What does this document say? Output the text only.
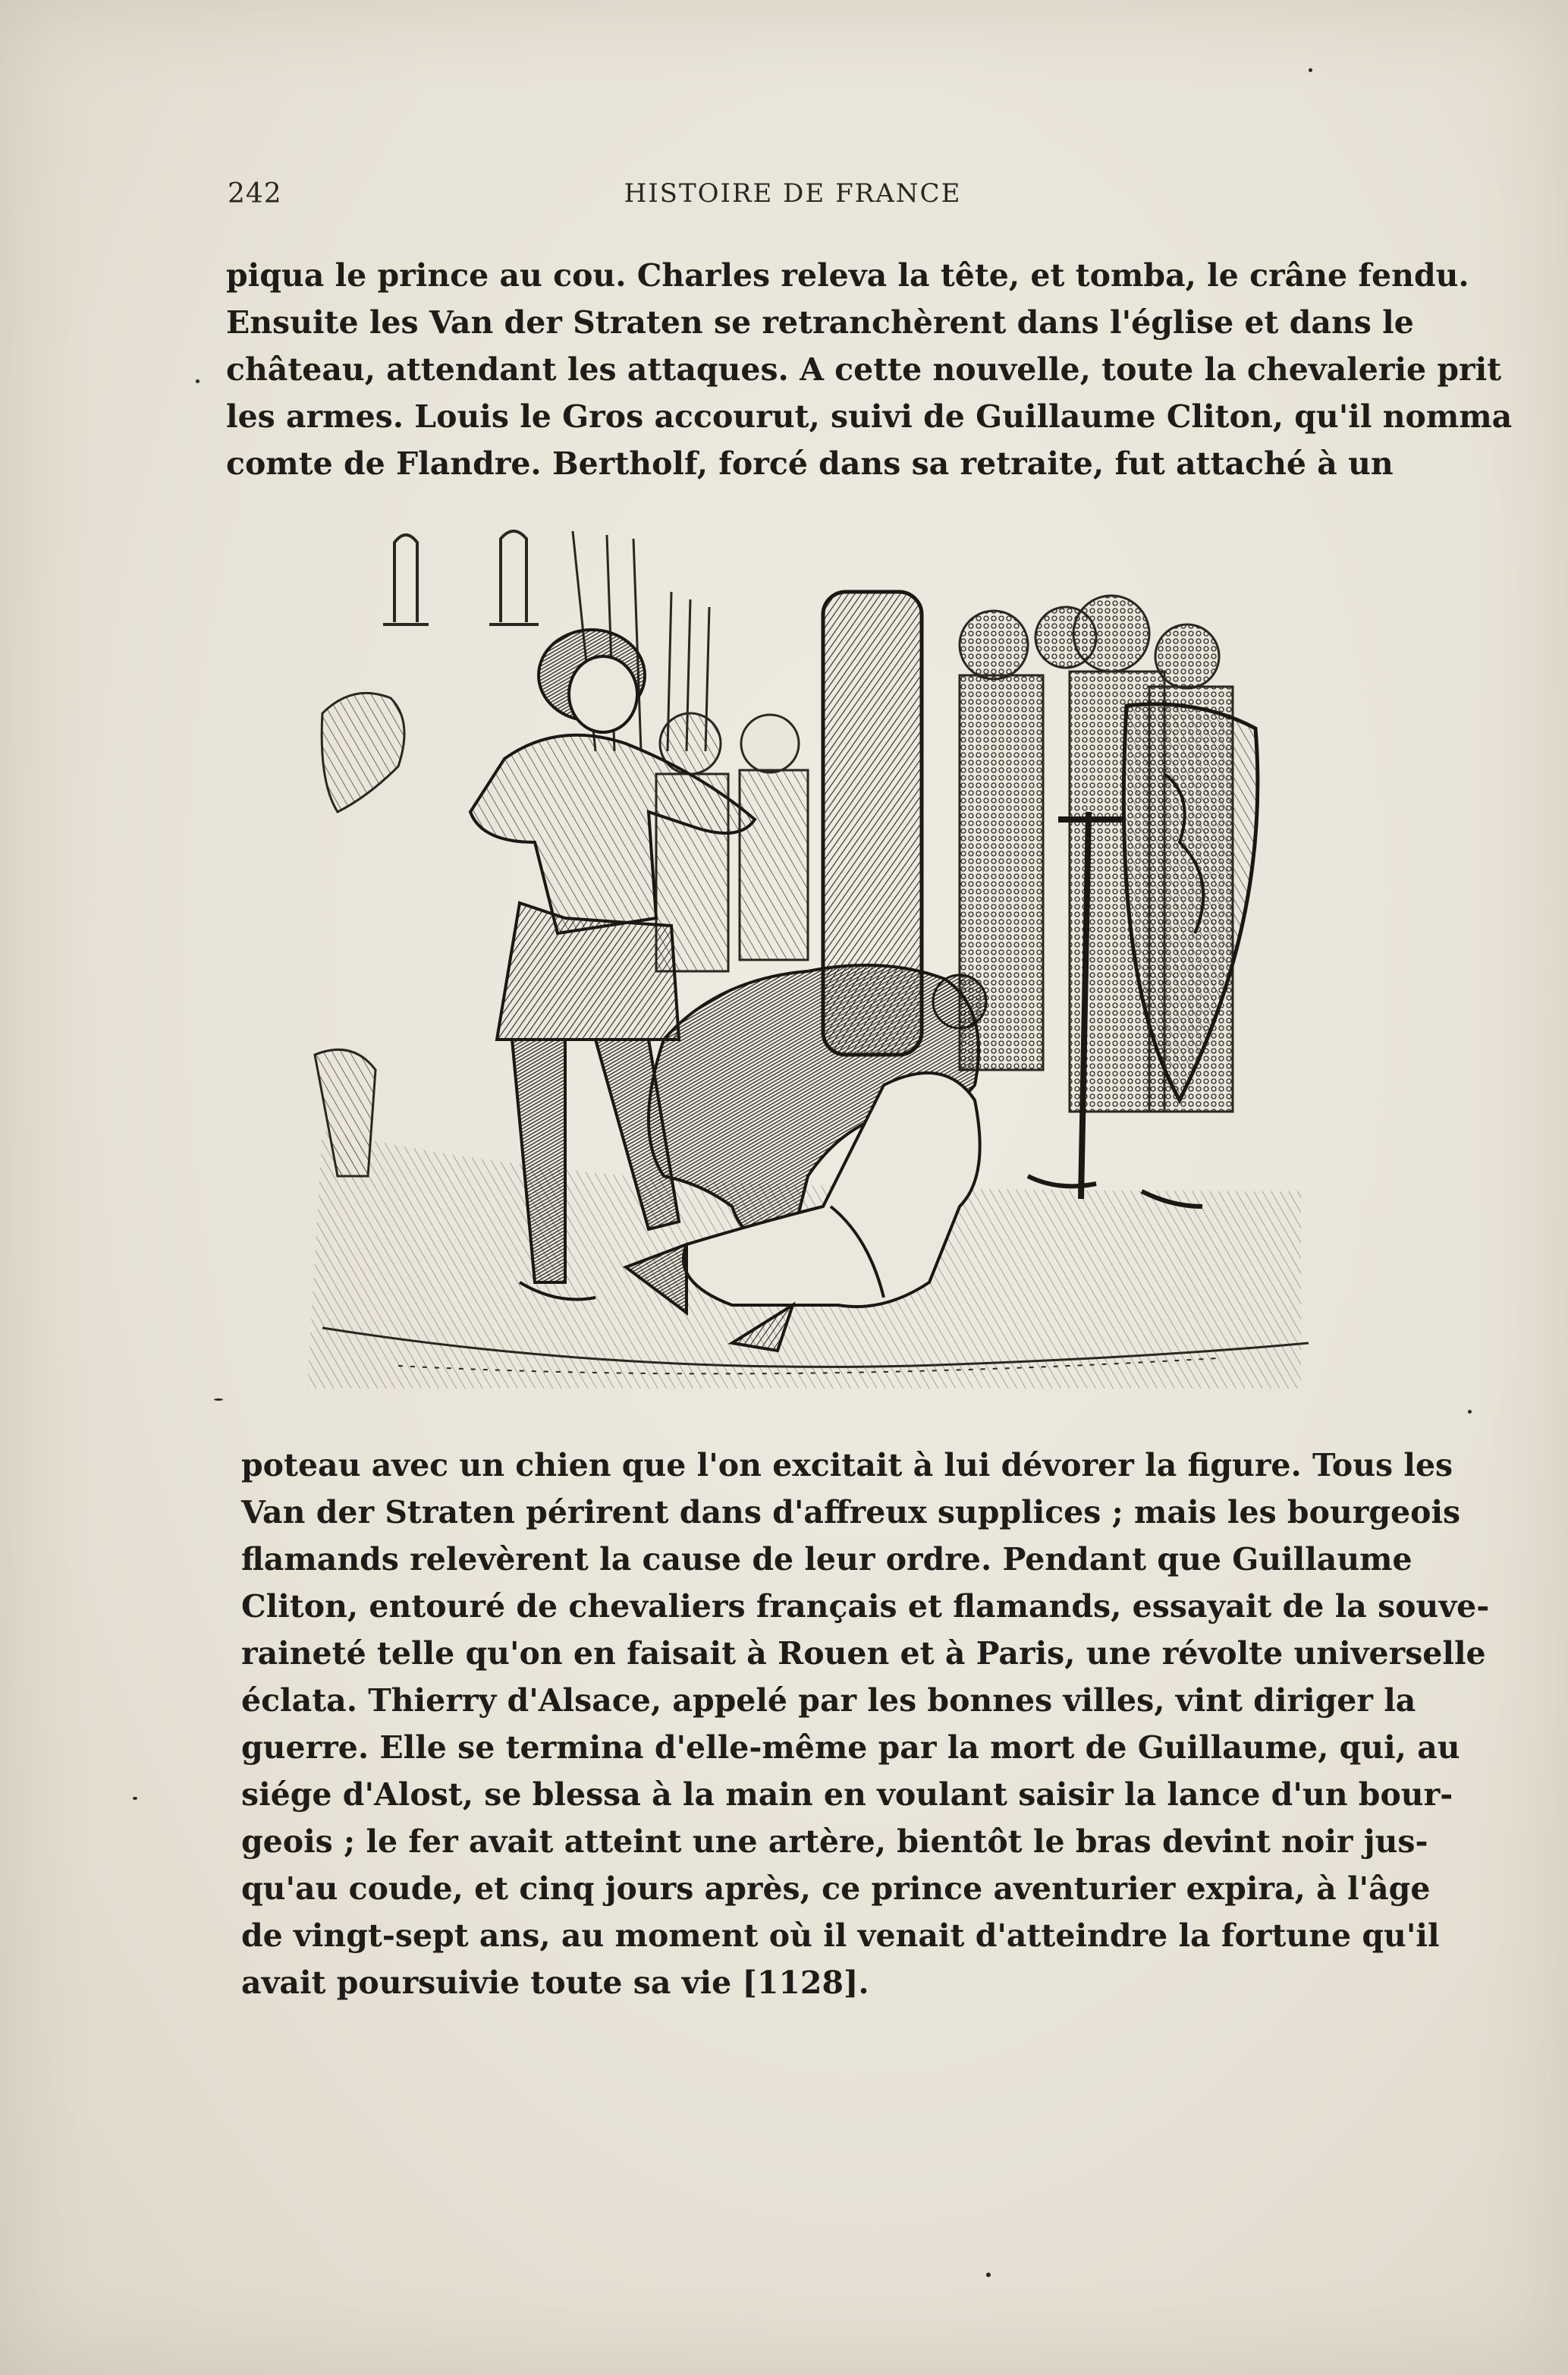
242	HISTOIRE DE FRANCE
piqua le prince au cou. Charles releva la tête, et tomba, le crâne fendu.
Ensuite les Van der Straten se retranchèrent dans l'église et dans le
château, attendant les attaques. A cette nouvelle, toute la chevalerie prit
les armes. Louis le Gros accourut, suivi de Guillaume Cliton, qu'il nomma
comte de Flandre. Bertholf, forcé dans sa retraite, fut attaché à un
poteau avec un chien que l'on excitait à lui dévorer la figure. Tous les
Van der Straten périrent dans d'affreux supplices ; mais les bourgeois
flamands relevèrent la cause de leur ordre. Pendant que Guillaume
Cliton, entouré de chevaliers français et flamands, essayait de la souve-
raineté telle qu'on en faisait à Rouen et à Paris, une révolte universelle
éclata. Thierry d'Alsace, appelé par les bonnes villes, vint diriger la
guerre. Elle se termina d'elle-même par la mort de Guillaume, qui, au
siége d'Alost, se blessa à la main en voulant saisir la lance d'un bour-
geois ; le fer avait atteint une artère, bientôt le bras devint noir jus-
qu'au coude, et cinq jours après, ce prince aventurier expira, à l'âge
de vingt-sept ans, au moment où il venait d'atteindre la fortune qu'il
avait poursuivie toute sa vie [1128].
